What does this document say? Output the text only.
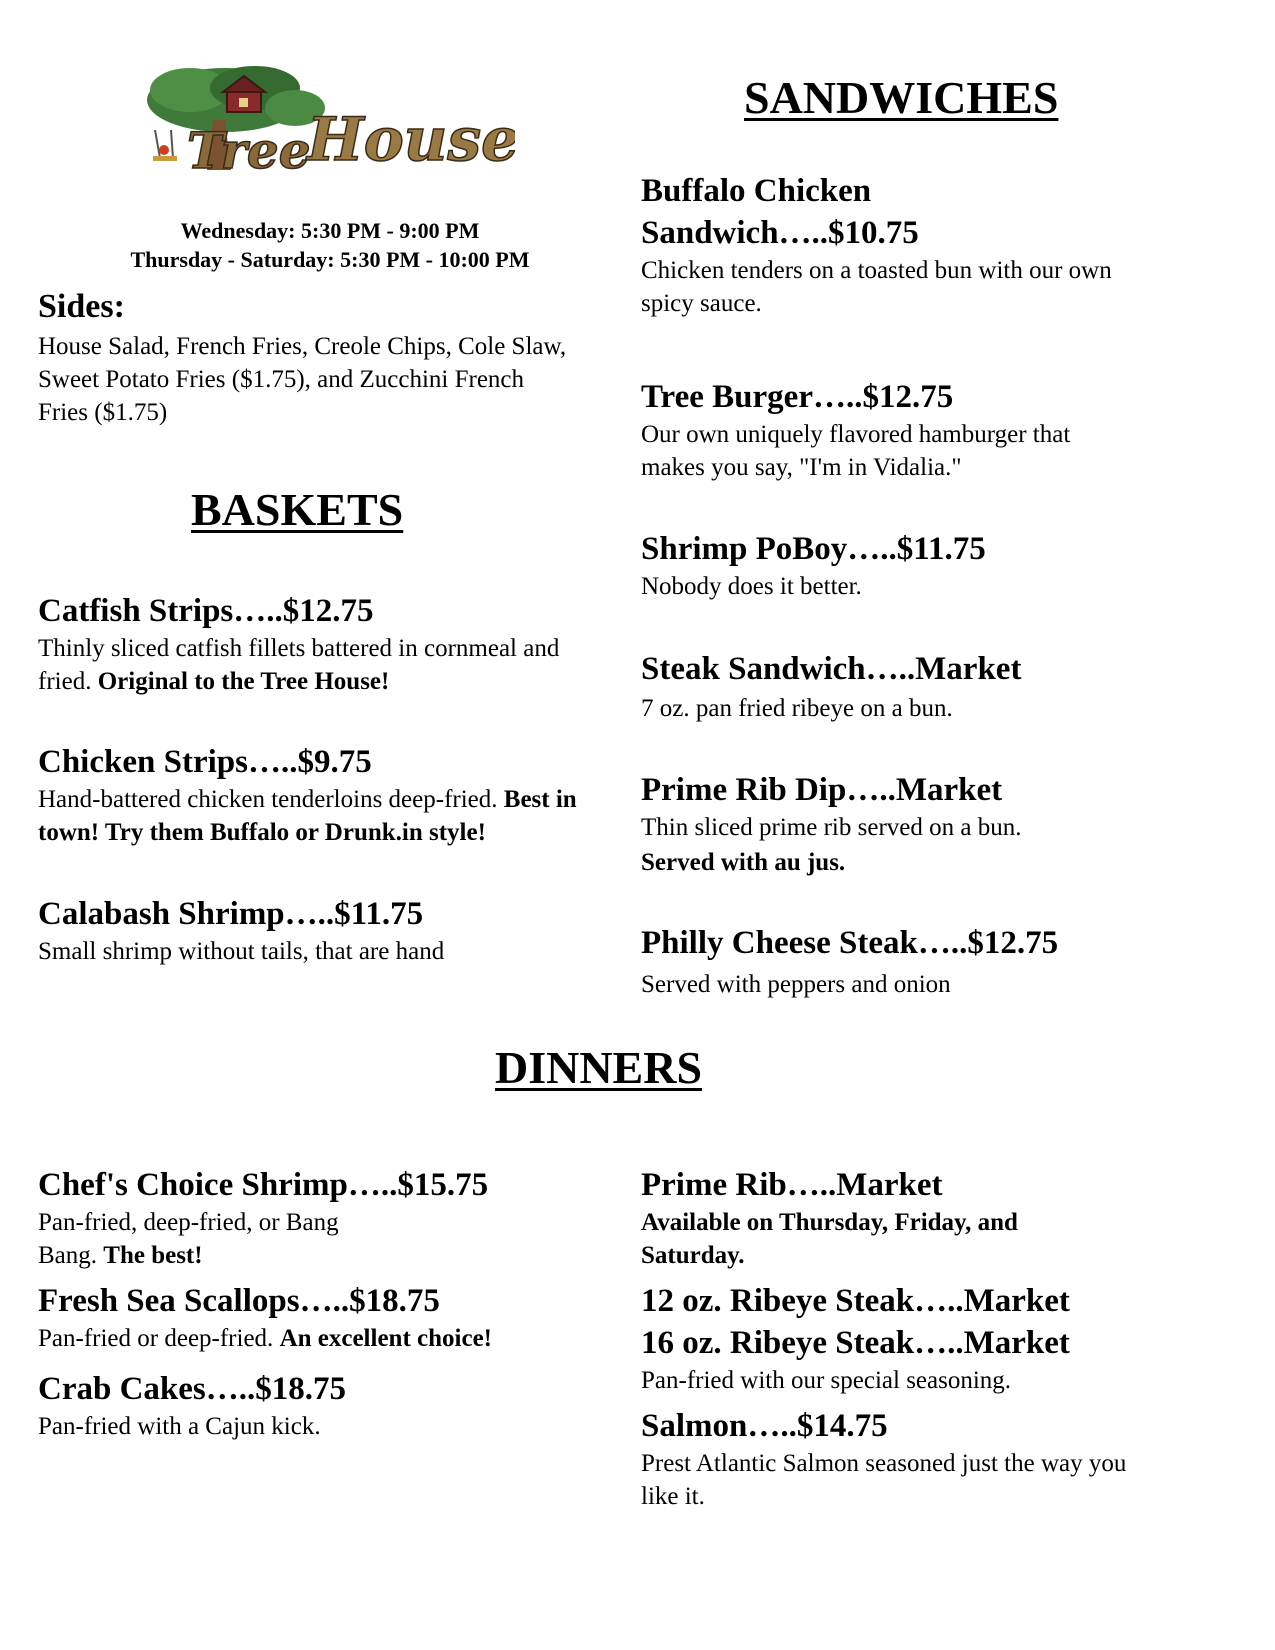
Tree
House
Wednesday: 5:30 PM - 9:00 PM
Thursday - Saturday: 5:30 PM - 10:00 PM
Sides:
House Salad, French Fries, Creole Chips, Cole Slaw, Sweet Potato Fries ($1.75), and Zucchini French Fries ($1.75)
BASKETS
Catfish Strips…..$12.75
Thinly sliced catfish fillets battered in cornmeal and fried. Original to the Tree House!
Chicken Strips…..$9.75
Hand-battered chicken tenderloins deep-fried. Best in town! Try them Buffalo or Drunk.in style!
Calabash Shrimp…..$11.75
Small shrimp without tails, that are hand
SANDWICHES
Buffalo Chicken
Sandwich…..$10.75
Chicken tenders on a toasted bun with our own spicy sauce.
Tree Burger…..$12.75
Our own uniquely flavored hamburger that makes you say, "I'm in Vidalia."
Shrimp PoBoy…..$11.75
Nobody does it better.
Steak Sandwich…..Market
7 oz. pan fried ribeye on a bun.
Prime Rib Dip…..Market
Thin sliced prime rib served on a bun.
Served with au jus.
Philly Cheese Steak…..$12.75
Served with peppers and onion
DINNERS
Chef's Choice Shrimp…..$15.75
Pan-fried, deep-fried, or Bang Bang. The best!
Fresh Sea Scallops…..$18.75
Pan-fried or deep-fried. An excellent choice!
Crab Cakes…..$18.75
Pan-fried with a Cajun kick.
Prime Rib…..Market
Available on Thursday, Friday, and Saturday.
12 oz. Ribeye Steak…..Market
16 oz. Ribeye Steak…..Market
Pan-fried with our special seasoning.
Salmon…..$14.75
Prest Atlantic Salmon seasoned just the way you like it.
